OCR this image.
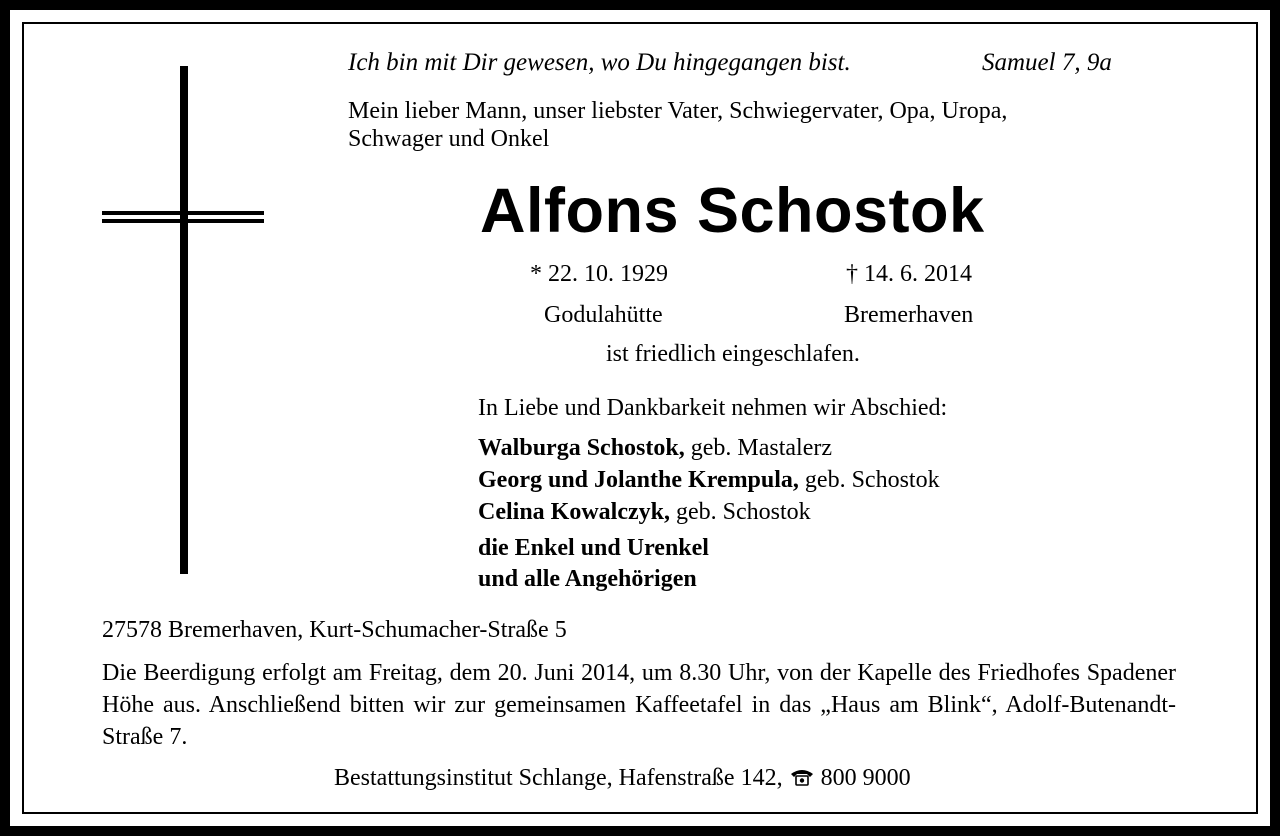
Ich bin mit Dir gewesen, wo Du hingegangen bist.	Samuel 7, 9a
Mein lieber Mann, unser liebster Vater, Schwiegervater, Opa, Uropa,
Schwager und Onkel
Alfons Schostok
* 22. 10. 1929	† 14. 6. 2014
Godulahütte	Bremerhaven
ist friedlich eingeschlafen.
In Liebe und Dankbarkeit nehmen wir Abschied:
Walburga Schostok, geb. Mastalerz
Georg und Jolanthe Krempula, geb. Schostok
Celina Kowalczyk, geb. Schostok
die Enkel und Urenkel
und alle Angehörigen
27578 Bremerhaven, Kurt-Schumacher-Straße 5
Die Beerdigung erfolgt am Freitag, dem 20. Juni 2014, um 8.30 Uhr, von der Kapelle des Friedhofes Spadener Höhe aus. Anschließend bitten wir zur gemeinsamen Kaffeetafel in das „Haus am Blink“, Adolf-Butenandt-Straße 7.
Bestattungsinstitut Schlange, Hafenstraße 142, 800 9000
